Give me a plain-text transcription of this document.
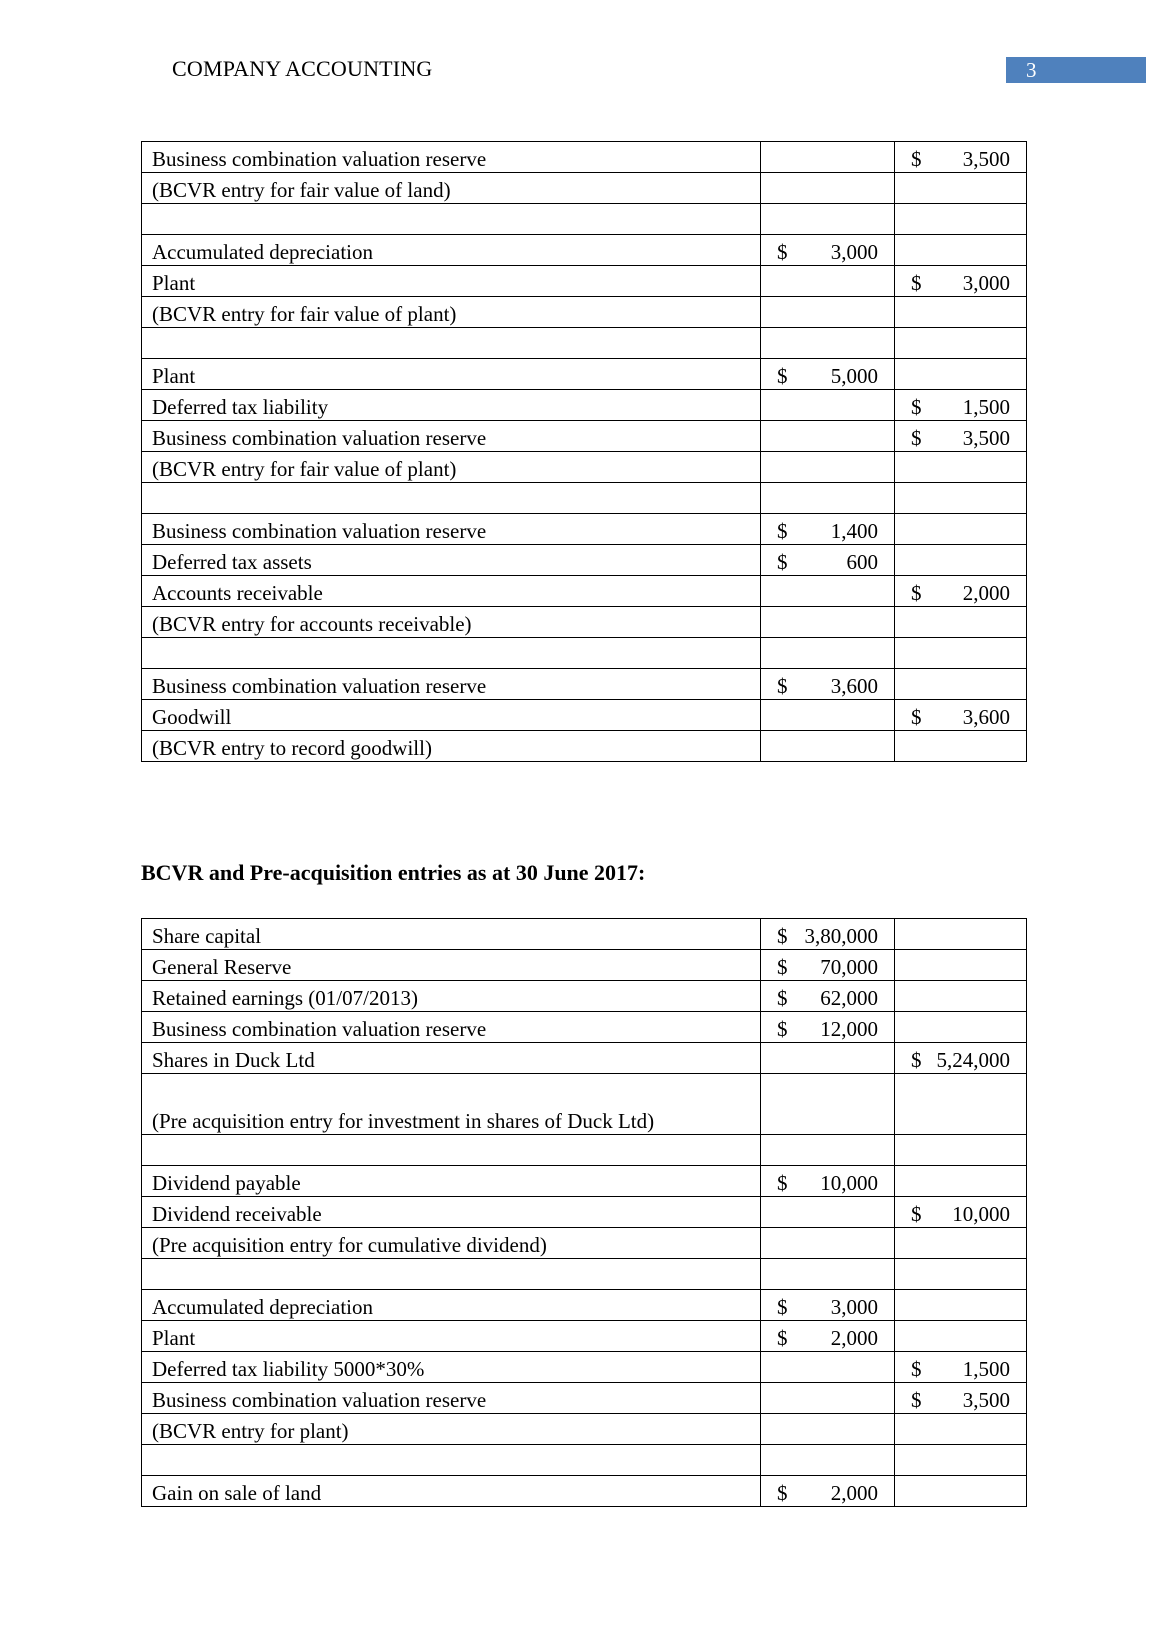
COMPANY ACCOUNTING	3
Business combination valuation reserve		$ 3,500

(BCVR entry for fair value of land)		

Accumulated depreciation	$ 3,000	

Plant		$ 3,000

(BCVR entry for fair value of plant)		

Plant	$ 5,000	

Deferred tax liability		$ 1,500

Business combination valuation reserve		$ 3,500

(BCVR entry for fair value of plant)		

Business combination valuation reserve	$ 1,400	

Deferred tax assets	$ 600	

Accounts receivable		$ 2,000

(BCVR entry for accounts receivable)		

Business combination valuation reserve	$ 3,600	

Goodwill		$ 3,600

(BCVR entry to record goodwill)		
BCVR and Pre-acquisition entries as at 30 June 2017:
Share capital	$ 3,80,000	

General Reserve	$ 70,000	

Retained earnings (01/07/2013)	$ 62,000	

Business combination valuation reserve	$ 12,000	

Shares in Duck Ltd		$ 5,24,000

(Pre acquisition entry for investment in shares of Duck Ltd)		

Dividend payable	$ 10,000	

Dividend receivable		$ 10,000

(Pre acquisition entry for cumulative dividend)		

Accumulated depreciation	$ 3,000	

Plant	$ 2,000	

Deferred tax liability 5000*30%		$ 1,500

Business combination valuation reserve		$ 3,500

(BCVR entry for plant)		

Gain on sale of land	$ 2,000	
